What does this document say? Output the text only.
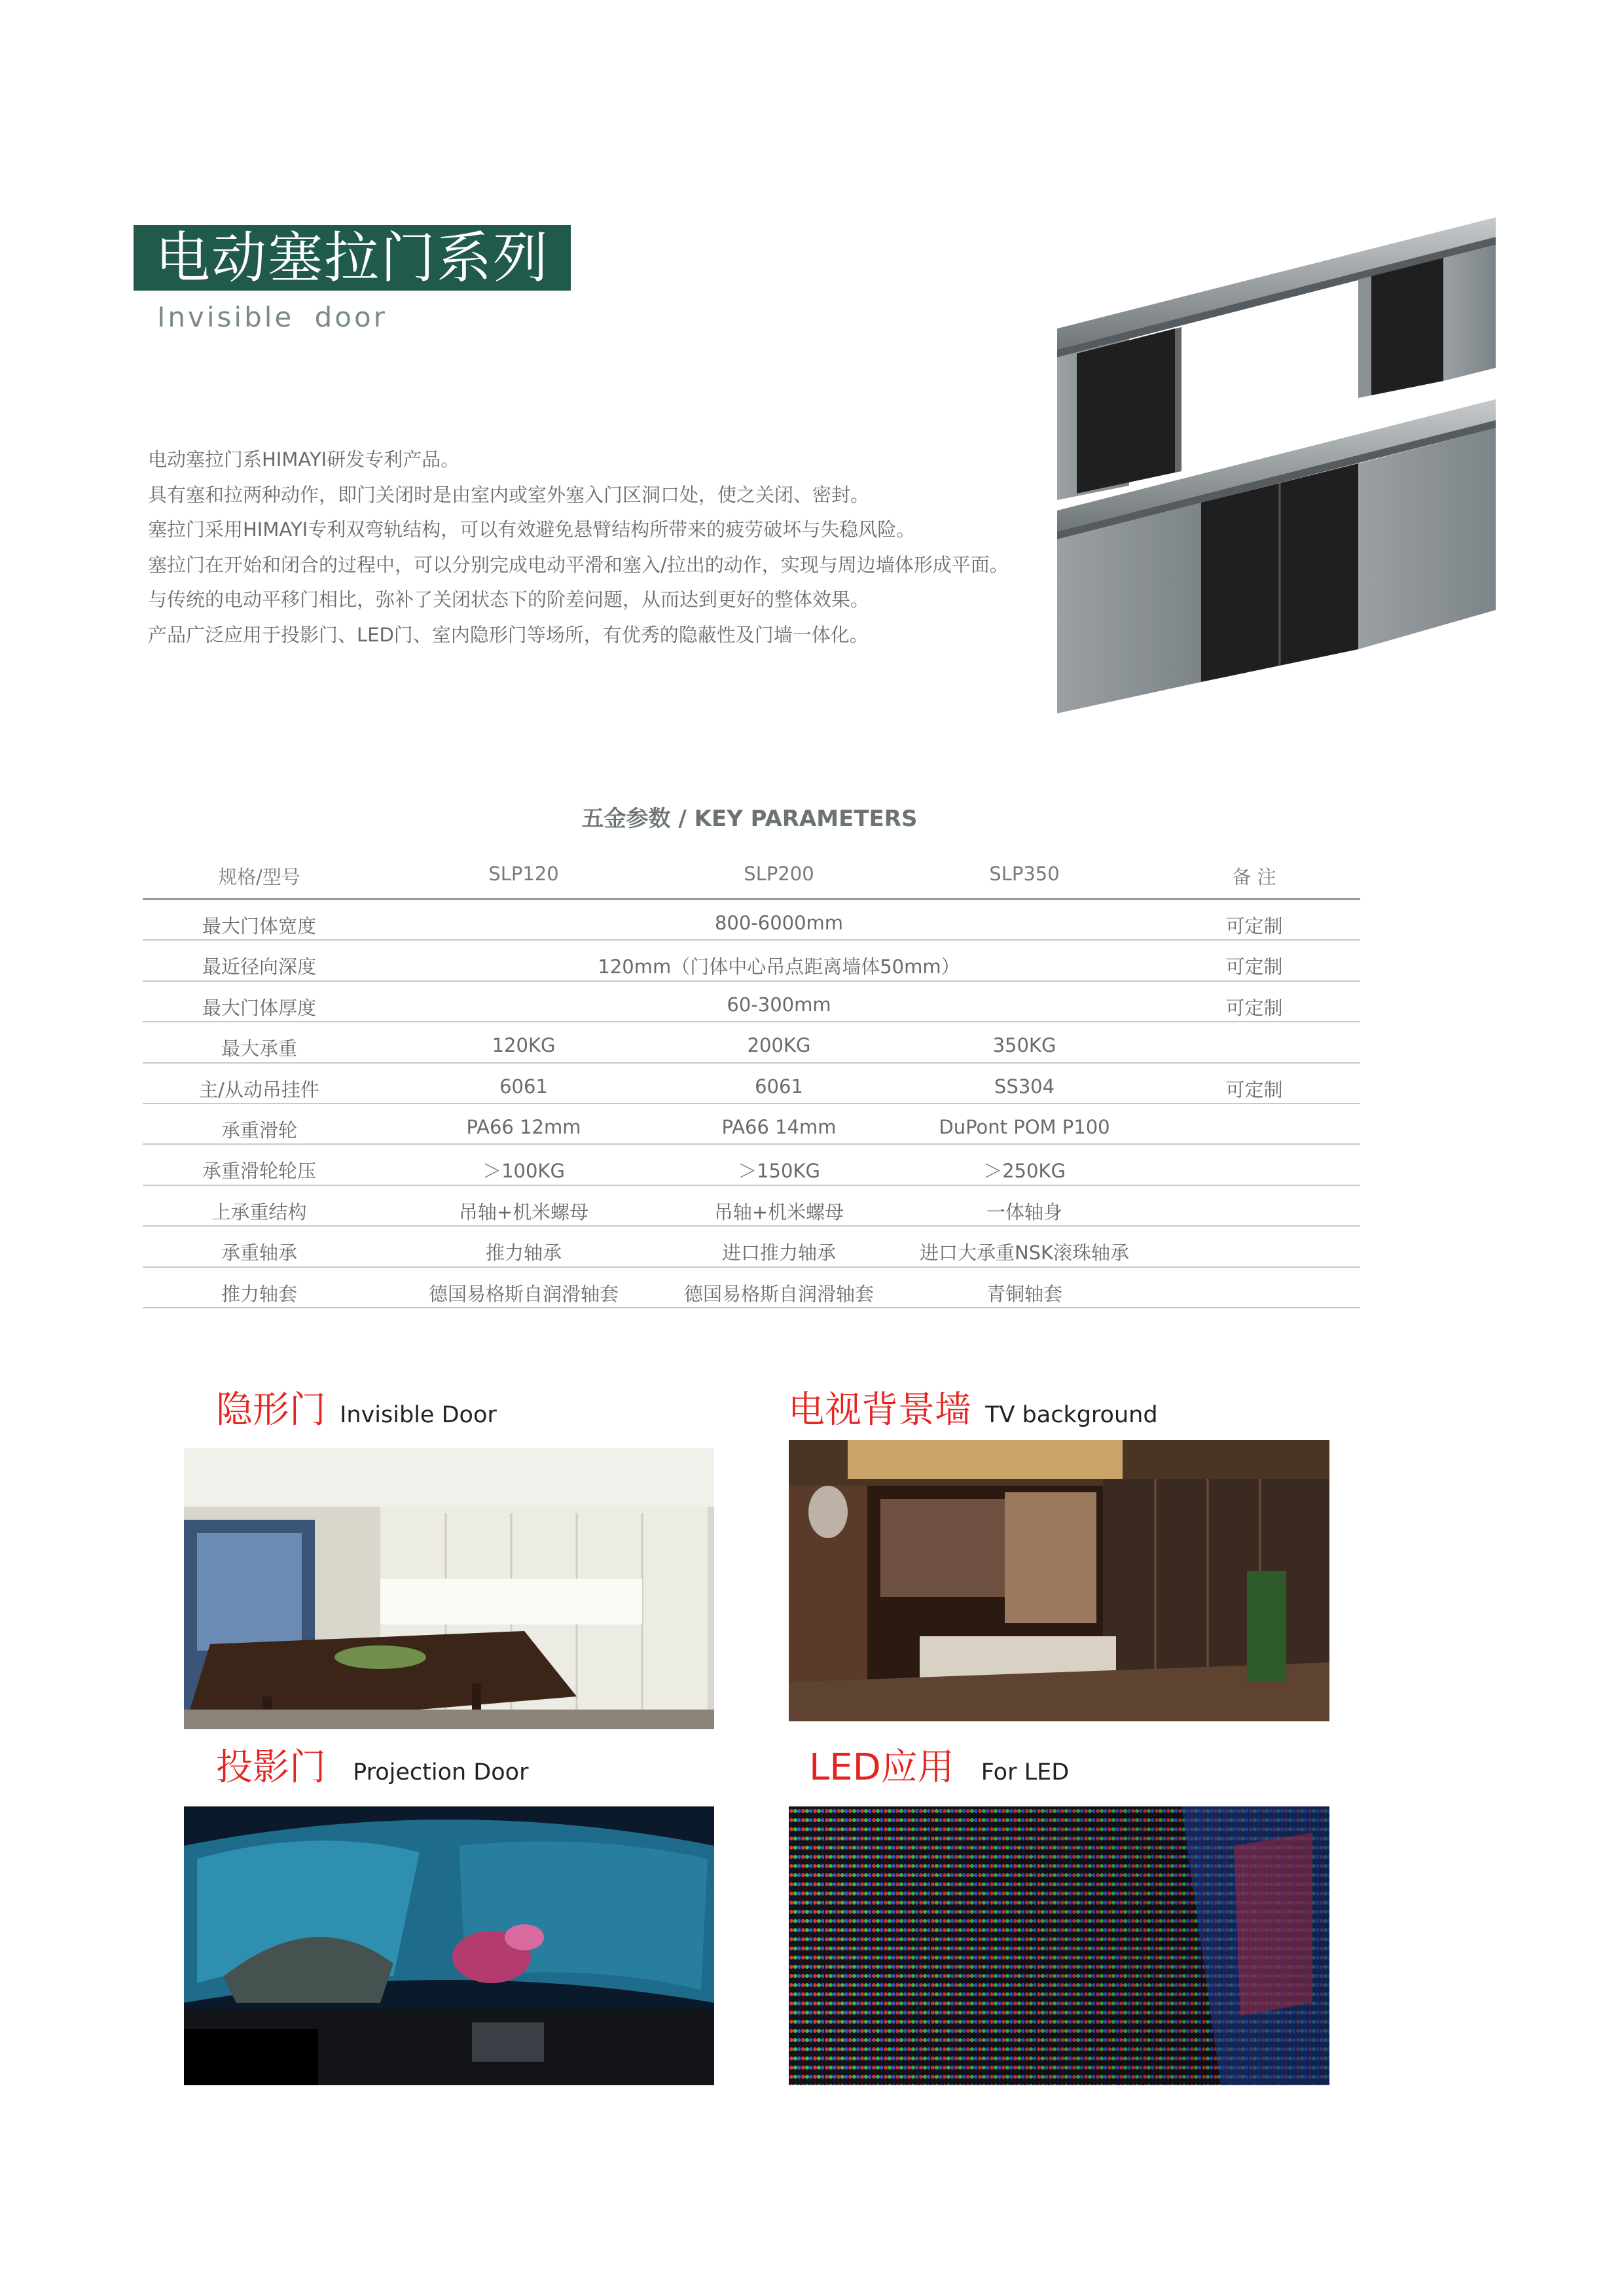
电动塞拉门系列
Invisible door
电动塞拉门系HIMAYI研发专利产品。
具有塞和拉两种动作，即门关闭时是由室内或室外塞入门区洞口处，使之关闭、密封。
塞拉门采用HIMAYI专利双弯轨结构，可以有效避免悬臂结构所带来的疲劳破坏与失稳风险。
塞拉门在开始和闭合的过程中，可以分别完成电动平滑和塞入/拉出的动作，实现与周边墙体形成平面。
与传统的电动平移门相比，弥补了关闭状态下的阶差问题，从而达到更好的整体效果。
产品广泛应用于投影门、LED门、室内隐形门等场所，有优秀的隐蔽性及门墙一体化。
五金参数 / KEY PARAMETERS
规格/型号	SLP120	SLP200	SLP350	备 注
最大门体宽度	800-6000mm	可定制
最近径向深度	120mm（门体中心吊点距离墙体50mm）	可定制
最大门体厚度	60-300mm	可定制
最大承重	120KG	200KG	350KG
主/从动吊挂件	6061	6061	SS304	可定制
承重滑轮	PA66 12mm	PA66 14mm	DuPont POM P100
承重滑轮轮压	＞100KG	＞150KG	＞250KG
上承重结构	吊轴+机米螺母	吊轴+机米螺母	一体轴身
承重轴承	推力轴承	进口推力轴承	进口大承重NSK滚珠轴承
推力轴套	德国易格斯自润滑轴套	德国易格斯自润滑轴套	青铜轴套
隐形门 Invisible Door	电视背景墙 TV background
投影门 Projection Door	LED应用 For LED
